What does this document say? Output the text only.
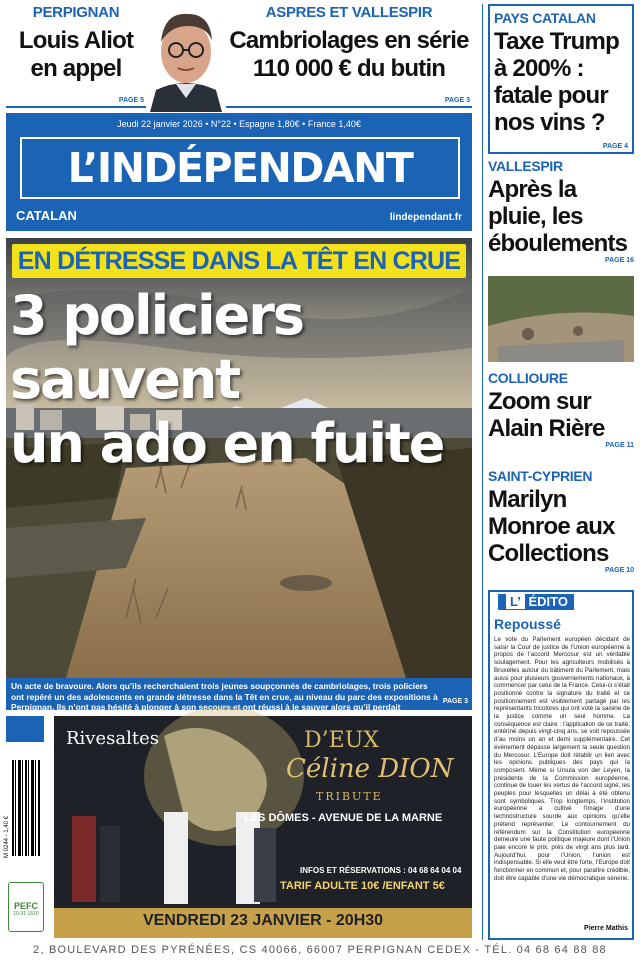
PERPIGNAN
Louis Aliot
en appel
PAGE 5
ASPRES ET VALLESPIR
Cambriolages en série
110 000 € du butin
PAGE 3
Jeudi 22 janvier 2026 • N°22 • Espagne 1,80€ • France 1,40€
L’INDÉPENDANT
CATALAN	lindependant.fr
EN DÉTRESSE DANS LA TÊT EN CRUE
3 policiers sauvent
un ado en fuite
Un acte de bravoure. Alors qu’ils recherchaient trois jeunes soupçonnés de cambriolages, trois policiers ont repéré un des adolescents en grande détresse dans la Têt en crue, au niveau du parc des expositions à Perpignan. Ils n’ont pas hésité à plonger à son secours et ont réussi à le sauver alors qu’il perdait dangereusement
PAGE 3
M 0244 - 1,40 €
PEFC
10-31-1510
Rivesaltes	D’EUX
Céline DION
TRIBUTE
LES DÔMES - AVENUE DE LA MARNE
INFOS ET RÉSERVATIONS : 04 68 64 04 04
TARIF ADULTE 10€ /ENFANT 5€
VENDREDI 23 JANVIER - 20H30
PAYS CATALAN
Taxe Trump à 200% : fatale pour nos vins ?
PAGE 4
VALLESPIR
Après la pluie, les éboulements
PAGE 16
COLLIOURE
Zoom sur Alain Rière
PAGE 11
SAINT-CYPRIEN
Marilyn Monroe aux Collections
PAGE 10
L’ ÉDITO
Repoussé
Le vote du Parlement européen décidant de saisir la Cour de justice de l’Union européenne à propos de l’accord Mercosur est un véritable soulagement. Pour les agriculteurs mobilisés à Bruxelles autour du bâtiment du Parlement, mais aussi pour plusieurs gouvernements nationaux, à commencer par celui de la France. Celui-ci s’était positionné contre la signature du traité et ce positionnement est visiblement partagé par les représentants tricolores qui ont voté la saisine de la justice comme un seul homme. La conséquence est claire : l’application de ce traité, entériné depuis vingt-cinq ans, se voit repoussée d’au moins un an et demi supplémentaire. Cet événement dépasse largement la seule question du Mercosur. L’Europe doit rétablir un lien avec les opinions publiques des pays qui la composent. Même si Ursula von der Leyen, la présidente de la Commission européenne, continue de louer les vertus de l’accord signé, les peuples pour lesquelles un délai a été obtenu sont symboliques. Trop longtemps, l’institution européenne a cultivé l’image d’une technostructure sourde aux opinions qu’elle prétend représenter. Le contournement du référendum sur la Constitution européenne demeure une faute politique majeure dont l’Union paie encore le prix, près de vingt ans plus tard. Aujourd’hui, pour l’Union, l’union est indispensable. Si elle veut être forte, l’Europe doit fonctionner en commun et, pour paraître crédible, doit être capable d’une vie démocratique sereine.
Pierre Mathis
2, BOULEVARD DES PYRÉNÉES, CS 40066, 66007 PERPIGNAN CEDEX - TÉL. 04 68 64 88 88
